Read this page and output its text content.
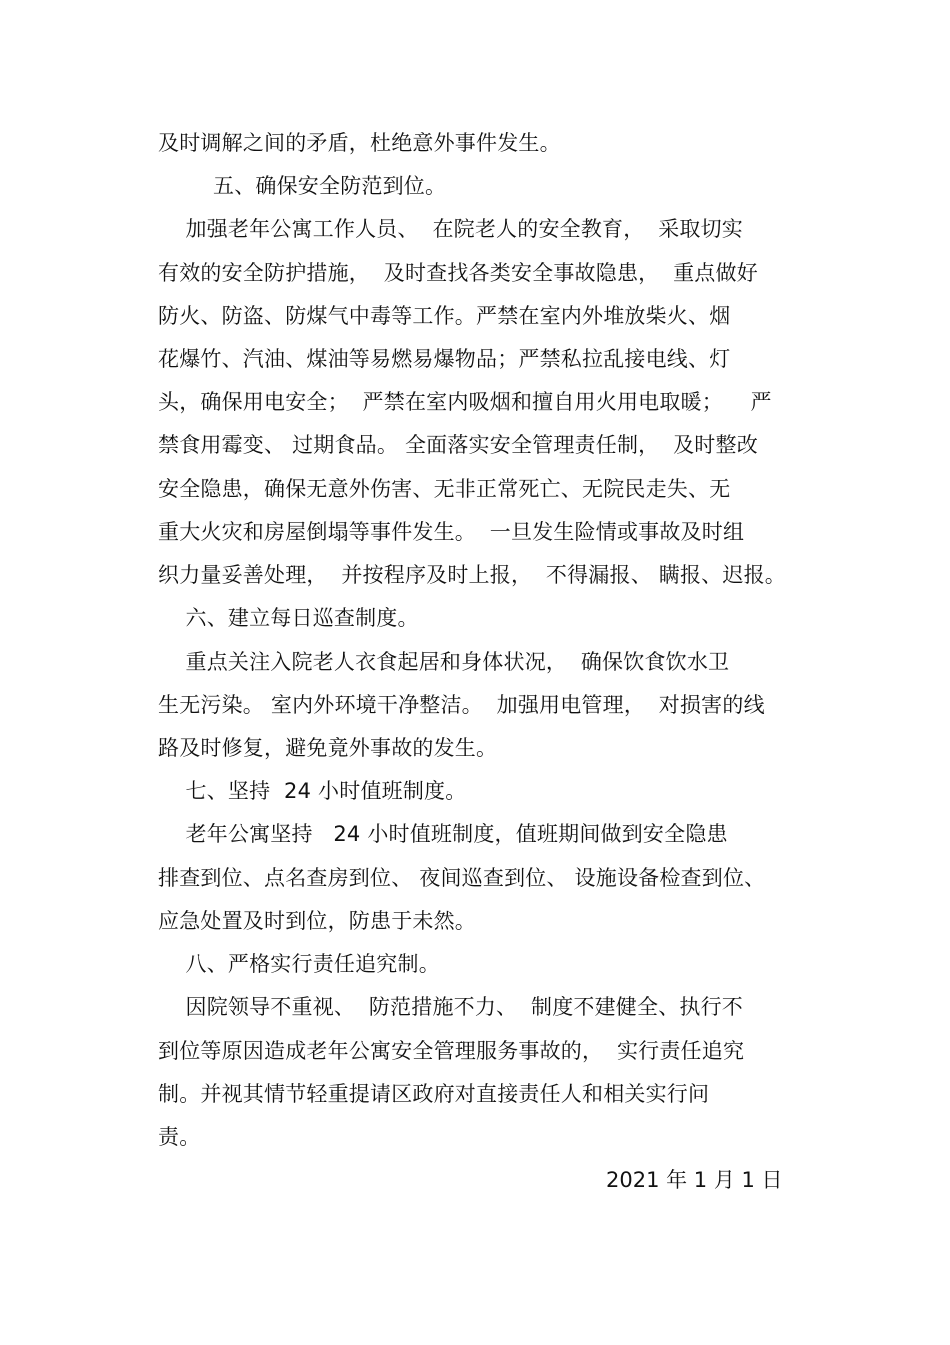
及时调解之间的矛盾，杜绝意外事件发生。
五、确保安全防范到位。
加强老年公寓工作人员、  在院老人的安全教育，  采取切实
有效的安全防护措施，  及时查找各类安全事故隐患，  重点做好
防火、防盗、防煤气中毒等工作。严禁在室内外堆放柴火、烟
花爆竹、汽油、煤油等易燃易爆物品；严禁私拉乱接电线、灯
头，确保用电安全；  严禁在室内吸烟和擅自用火用电取暖；    严
禁食用霉变、 过期食品。 全面落实安全管理责任制，  及时整改
安全隐患，确保无意外伤害、无非正常死亡、无院民走失、无
重大火灾和房屋倒塌等事件发生。  一旦发生险情或事故及时组
织力量妥善处理，  并按程序及时上报，  不得漏报、 瞒报、迟报。
六、建立每日巡查制度。
重点关注入院老人衣食起居和身体状况，  确保饮食饮水卫
生无污染。 室内外环境干净整洁。  加强用电管理，  对损害的线
路及时修复，避免竟外事故的发生。
七、坚持  24 小时值班制度。
老年公寓坚持   24 小时值班制度，值班期间做到安全隐患
排查到位、点名查房到位、 夜间巡查到位、 设施设备检查到位、
应急处置及时到位，防患于未然。
八、严格实行责任追究制。
因院领导不重视、  防范措施不力、  制度不建健全、执行不
到位等原因造成老年公寓安全管理服务事故的，  实行责任追究
制。并视其情节轻重提请区政府对直接责任人和相关实行问
责。
2021 年 1 月 1 日
